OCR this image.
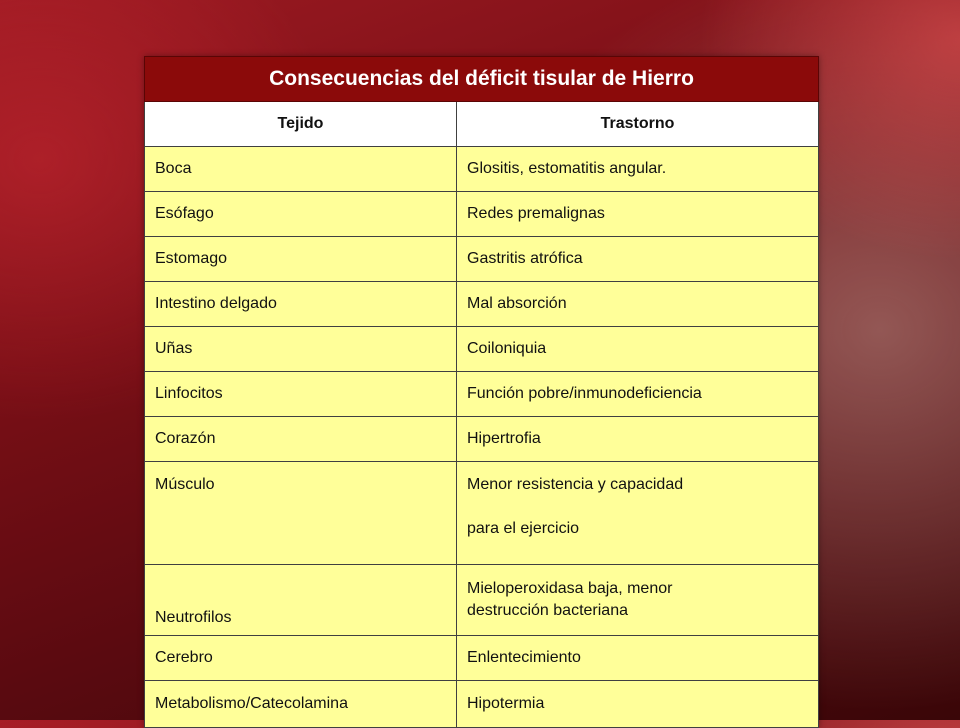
Consecuencias del déficit tisular de Hierro	
Tejido	Trastorno
Boca	Glositis, estomatitis angular.
Esófago	Redes premalignas
Estomago	Gastritis atrófica
Intestino delgado	Mal absorción
Uñas	Coiloniquia
Linfocitos	Función pobre/inmunodeficiencia
Corazón	Hipertrofia

Músculo	Menor resistencia y capacidad
para el ejercicio

Neutrofilos	Mieloperoxidasa baja, menor
destrucción bacteriana
Cerebro	Enlentecimiento
Metabolismo/Catecolamina	Hipotermia
